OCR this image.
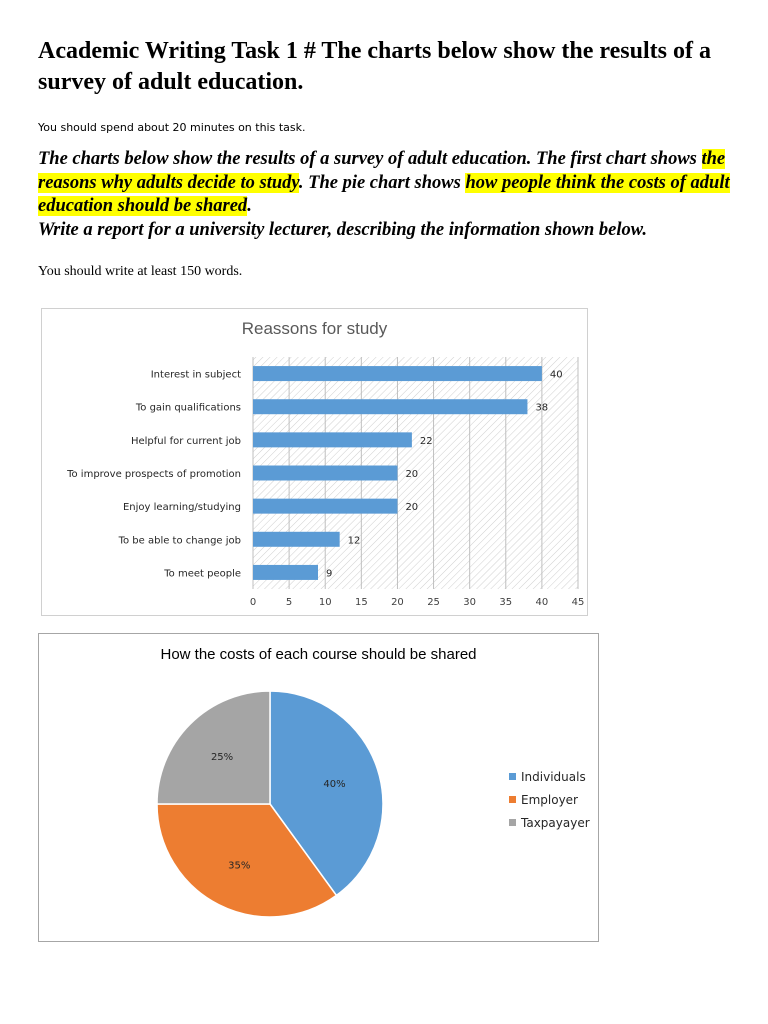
Academic Writing Task 1 # The charts below show the results of a survey of adult education.
You should spend about 20 minutes on this task.
The charts below show the results of a survey of adult education. The first chart shows the reasons why adults decide to study. The pie chart shows how people think the costs of adult education should be shared.
Write a report for a university lecturer, describing the information shown below.
You should write at least 150 words.
Reassons for study
0	5	10 15 20 25 30 35 40 45
Interest in subject	40
To gain qualifications	38
Helpful for current job	22
To improve prospects of promotion	20
Enjoy learning/studying	20
To be able to change job	12
To meet people	9
How the costs of each course should be shared
40%
35%
25%
Individuals
Employer
Taxpayayer
